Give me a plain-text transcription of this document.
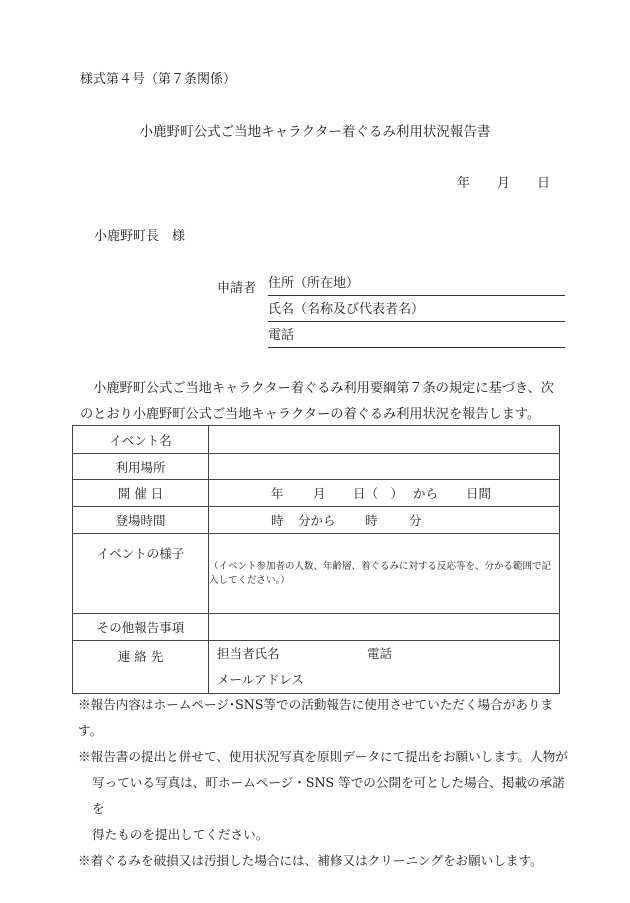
様式第４号（第７条関係）
小鹿野町公式ご当地キャラクター着ぐるみ利用状況報告書
年	月	日
小鹿野町長　様
申請者 住所（所在地）
氏名（名称及び代表者名）
電話

　小鹿野町公式ご当地キャラクター着ぐるみ利用要綱第７条の規定に基づき、次

のとおり小鹿野町公式ご当地キャラクターの着ぐるみ利用状況を報告します。

イベント名	
利用場所	
開 催 日	年 月 日（　） から 日間

登場時間	時 分から 時 分

イベントの様子	（イベント参加者の人数、年齢層、着ぐるみに対する反応等を、分かる範囲で記入してください。）

その他報告事項	
連 絡 先	担当者氏名 電話
メールアドレス

※報告内容はホームページ･SNS等での活動報告に使用させていただく場合があります。

※報告書の提出と併せて、使用状況写真を原則データにて提出をお願いします。人物が

写っている写真は、町ホームページ・SNS 等での公開を可とした場合、掲載の承諾を

得たものを提出してください。

※着ぐるみを破損又は汚損した場合には、補修又はクリーニングをお願いします。
